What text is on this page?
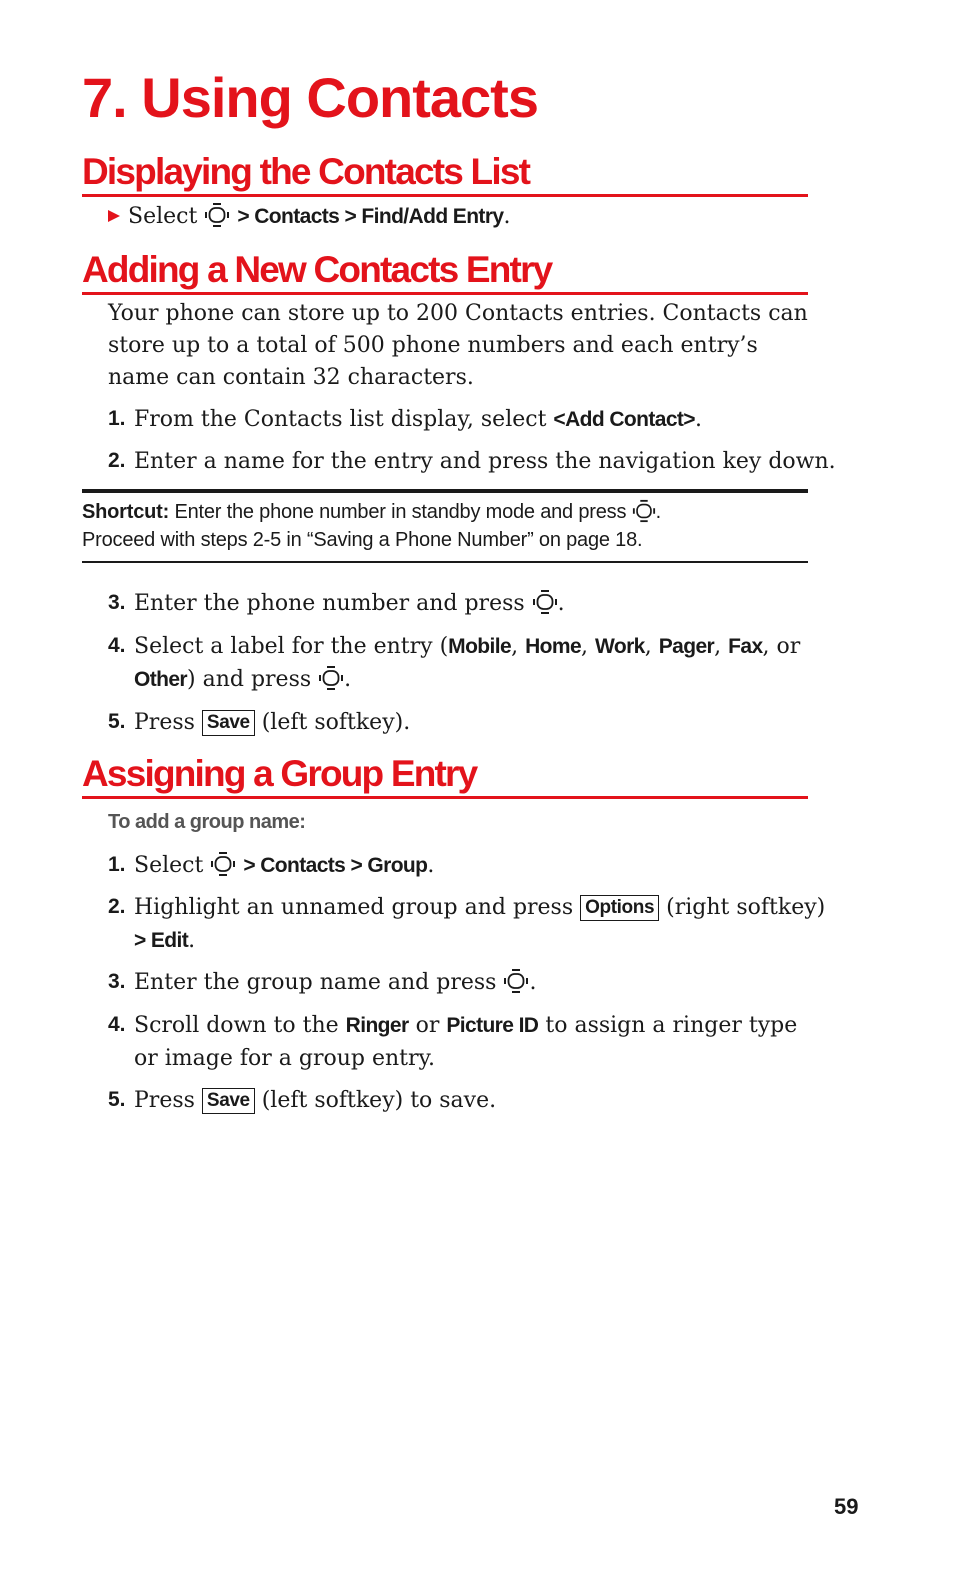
7. Using Contacts
Displaying the Contacts List
Select > Contacts > Find/Add Entry.
Adding a New Contacts Entry

Your phone can store up to 200 Contacts entries. Contacts can store up to a total of 500 phone numbers and each entry’s name can contain 32 characters.

1. From the Contacts list display, select <Add Contact>.
2. Enter a name for the entry and press the navigation key down.
Shortcut: Enter the phone number in standby mode and press .
Proceed with steps 2-5 in “Saving a Phone Number” on page 18.
3. Enter the phone number and press .
4. Select a label for the entry (Mobile, Home, Work, Pager, Fax, or
Other) and press .
5. Press Save (left softkey).
Assigning a Group Entry
To add a group name:
1. Select > Contacts > Group.
2. Highlight an unnamed group and press Options (right softkey)
> Edit.
3. Enter the group name and press .
4. Scroll down to the Ringer or Picture ID to assign a ringer type
or image for a group entry.
5. Press Save (left softkey) to save.
59
